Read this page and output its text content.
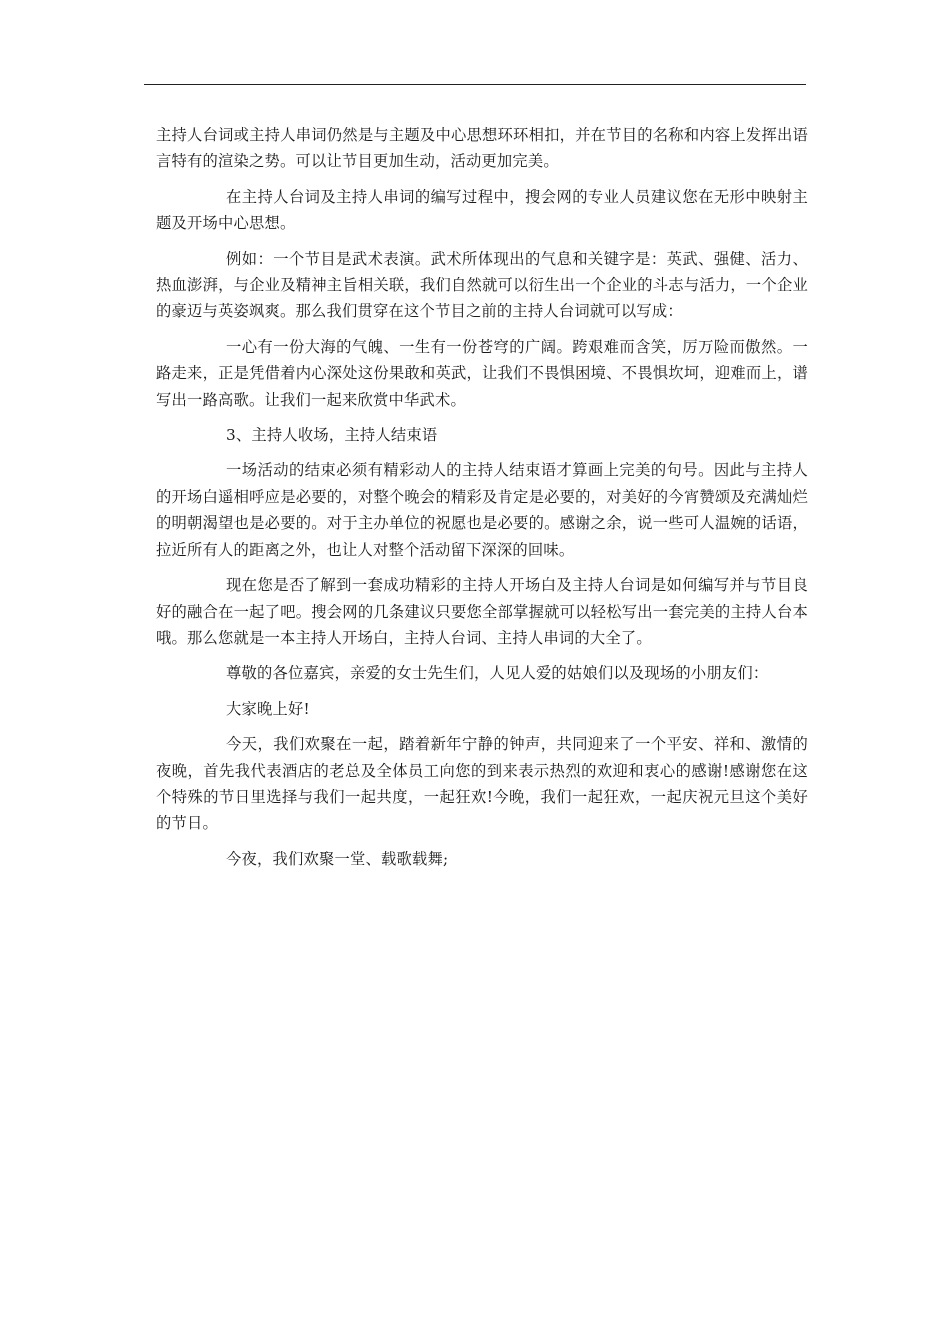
主持人台词或主持人串词仍然是与主题及中心思想环环相扣，并在节目的名称和内容上发挥出语言特有的渲染之势。可以让节目更加生动，活动更加完美。

在主持人台词及主持人串词的编写过程中，搜会网的专业人员建议您在无形中映射主题及开场中心思想。

例如：一个节目是武术表演。武术所体现出的气息和关键字是：英武、强健、活力、热血澎湃，与企业及精神主旨相关联，我们自然就可以衍生出一个企业的斗志与活力，一个企业的豪迈与英姿飒爽。那么我们贯穿在这个节目之前的主持人台词就可以写成：

一心有一份大海的气魄、一生有一份苍穹的广阔。跨艰难而含笑，厉万险而傲然。一路走来，正是凭借着内心深处这份果敢和英武，让我们不畏惧困境、不畏惧坎坷，迎难而上，谱写出一路高歌。让我们一起来欣赏中华武术。

3、主持人收场，主持人结束语

一场活动的结束必须有精彩动人的主持人结束语才算画上完美的句号。因此与主持人的开场白遥相呼应是必要的，对整个晚会的精彩及肯定是必要的，对美好的今宵赞颂及充满灿烂的明朝渴望也是必要的。对于主办单位的祝愿也是必要的。感谢之余，说一些可人温婉的话语，拉近所有人的距离之外，也让人对整个活动留下深深的回味。

现在您是否了解到一套成功精彩的主持人开场白及主持人台词是如何编写并与节目良好的融合在一起了吧。搜会网的几条建议只要您全部掌握就可以轻松写出一套完美的主持人台本哦。那么您就是一本主持人开场白，主持人台词、主持人串词的大全了。

尊敬的各位嘉宾，亲爱的女士先生们，人见人爱的姑娘们以及现场的小朋友们：

大家晚上好!

今天，我们欢聚在一起，踏着新年宁静的钟声，共同迎来了一个平安、祥和、激情的夜晚，首先我代表酒店的老总及全体员工向您的到来表示热烈的欢迎和衷心的感谢!感谢您在这个特殊的节日里选择与我们一起共度，一起狂欢!今晚，我们一起狂欢，一起庆祝元旦这个美好的节日。

今夜，我们欢聚一堂、载歌载舞;
